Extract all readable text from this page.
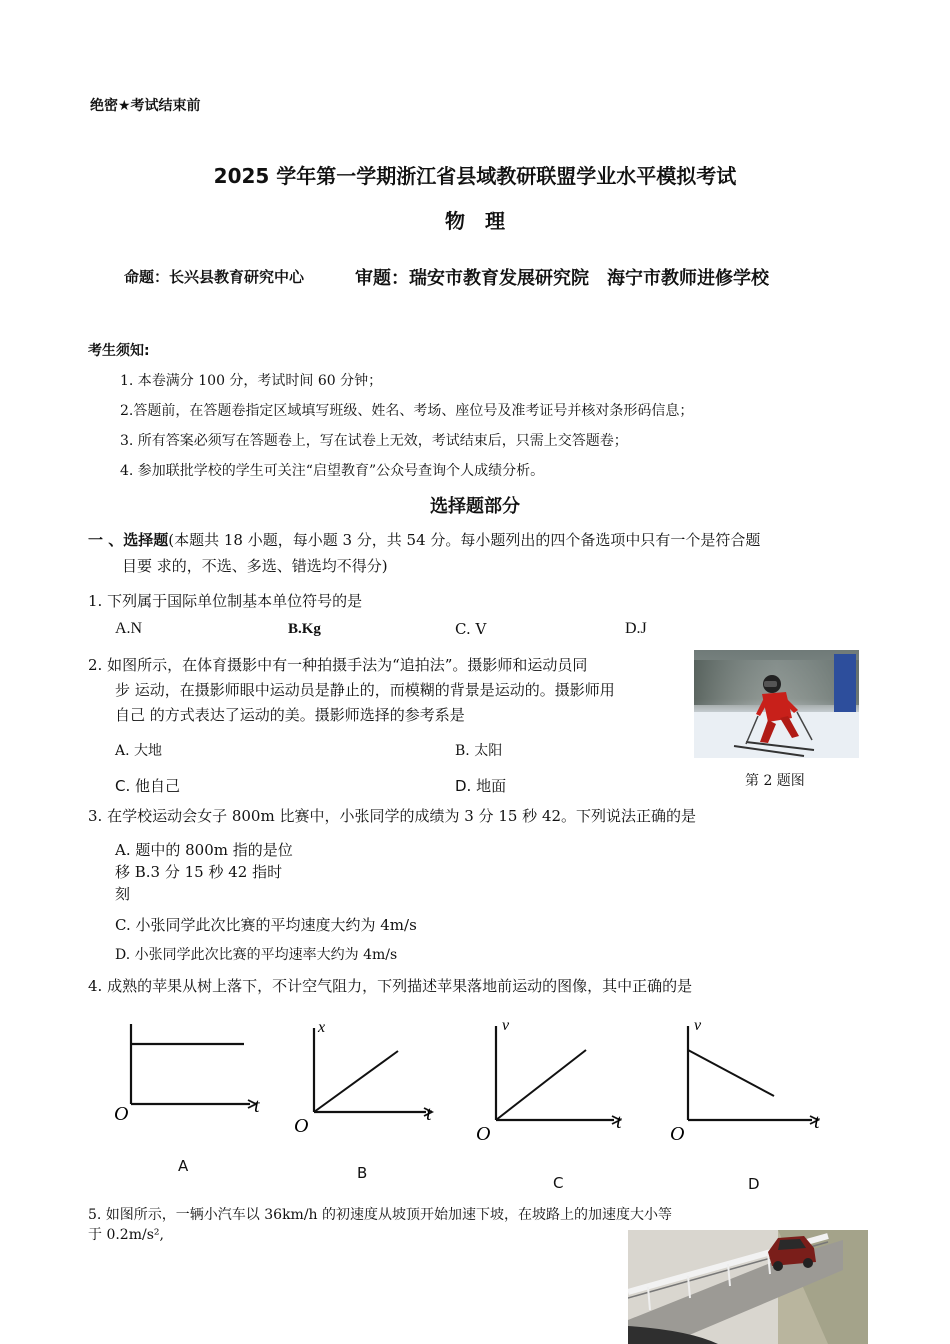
绝密★考试结束前
2025 学年第一学期浙江省县域教研联盟学业水平模拟考试
物　理
命题：长兴县教育研究中心	审题：瑞安市教育发展研究院　海宁市教师进修学校
考生须知:
1. 本卷满分 100 分，考试时间 60 分钟；
2.答题前，在答题卷指定区域填写班级、姓名、考场、座位号及准考证号并核对条形码信息；
3. 所有答案必须写在答题卷上，写在试卷上无效，考试结束后，只需上交答题卷；
4. 参加联批学校的学生可关注“启望教育”公众号查询个人成绩分析。
选择题部分
一 、选择题(本题共 18 小题，每小题 3 分，共 54 分。每小题列出的四个备选项中只有一个是符合题
目要 求的，不选、多选、错选均不得分)
1. 下列属于国际单位制基本单位符号的是
A.N	B.Kg	C. V	D.J
2. 如图所示，在体育摄影中有一种拍摄手法为“追拍法”。摄影师和运动员同
步 运动，在摄影师眼中运动员是静止的，而模糊的背景是运动的。摄影师用
自己 的方式表达了运动的美。摄影师选择的参考系是
A. 大地	B. 太阳
C. 他自己	D. 地面	第 2 题图
3. 在学校运动会女子 800m 比赛中，小张同学的成绩为 3 分 15 秒 42。下列说法正确的是
A. 题中的 800m 指的是位
移 B.3 分 15 秒 42 指时
刻
C. 小张同学此次比赛的平均速度大约为 4m/s
D. 小张同学此次比赛的平均速率大约为 4m/s
4. 成熟的苹果从树上落下，不计空气阻力，下列描述苹果落地前运动的图像，其中正确的是
O	t
A
x
O
t
B
v
O
t
C
v
O
t
D
5. 如图所示，一辆小汽车以 36km/h 的初速度从坡顶开始加速下坡，在坡路上的加速度大小等
于 0.2m/s²,
